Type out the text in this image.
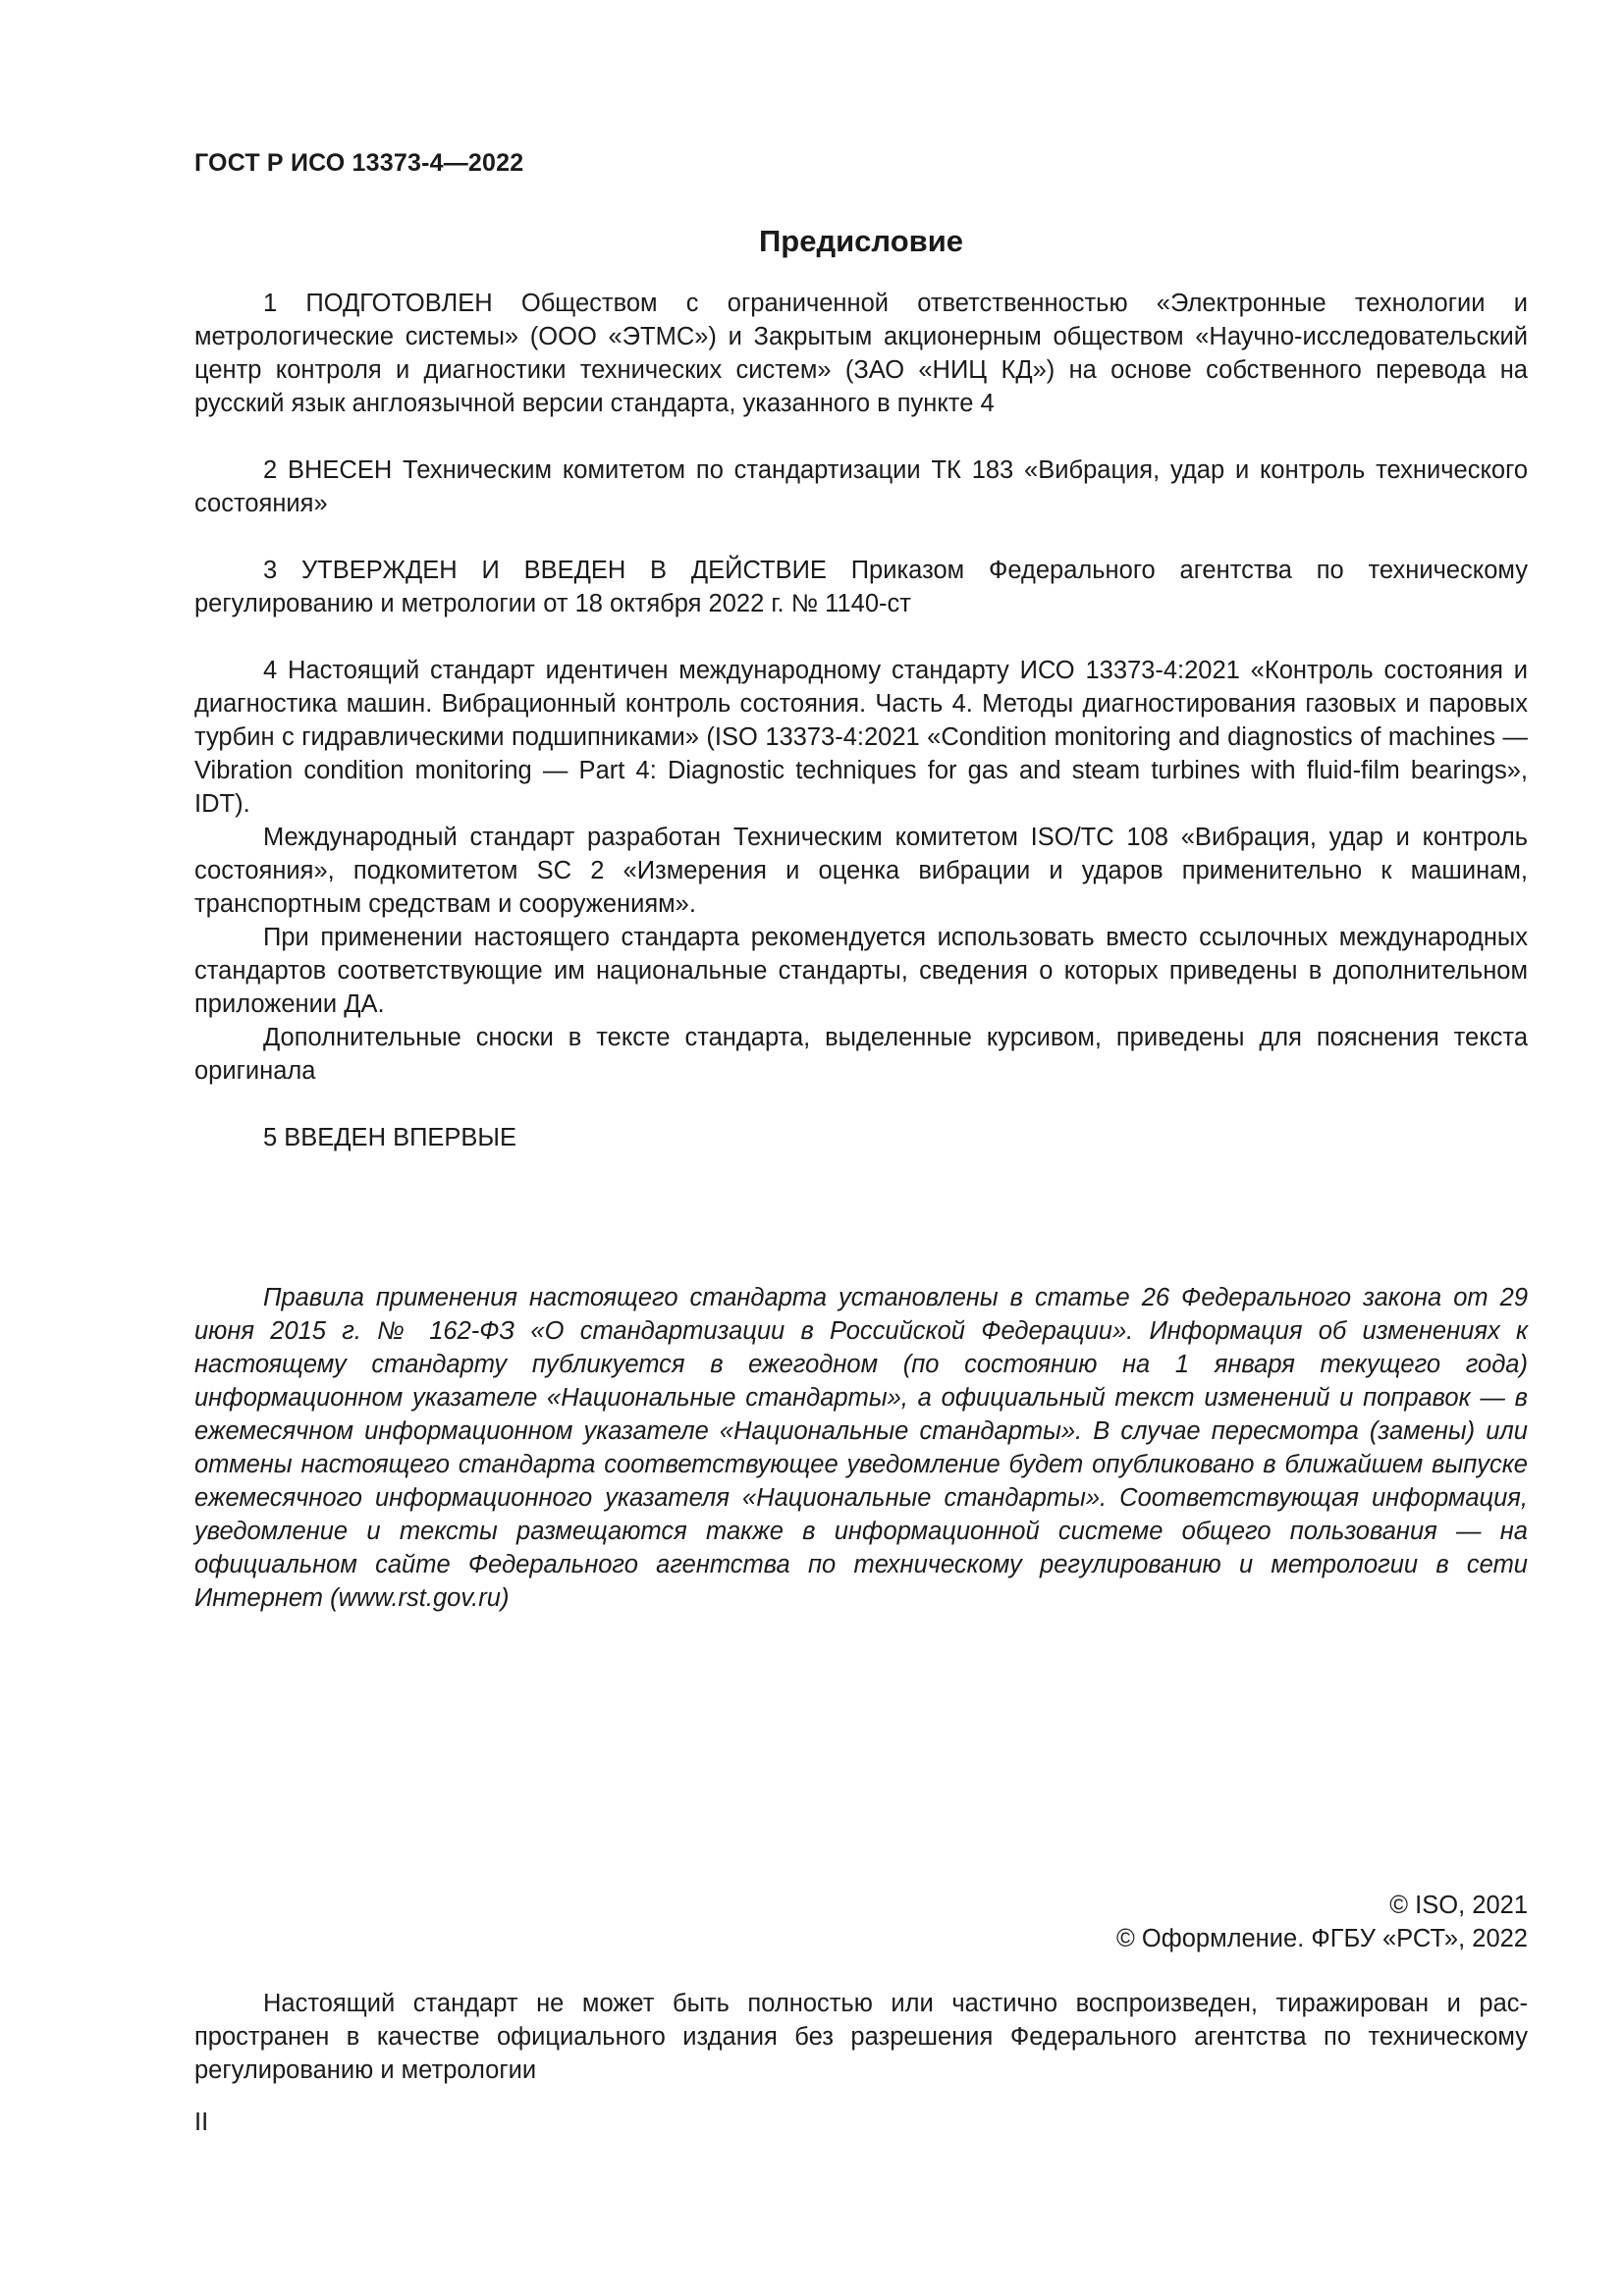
ГОСТ Р ИСО 13373-4—2022
Предисловие

1 ПОДГОТОВЛЕН Обществом с ограниченной ответственностью «Электронные технологии и метрологические системы» (ООО «ЭТМС») и Закрытым акционерным обществом «Научно-исследовательский центр контроля и диагностики технических систем» (ЗАО «НИЦ КД») на основе собственного перевода на русский язык англоязычной версии стандарта, указанного в пункте 4

2 ВНЕСЕН Техническим комитетом по стандартизации ТК 183 «Вибрация, удар и контроль технического состояния»

3 УТВЕРЖДЕН И ВВЕДЕН В ДЕЙСТВИЕ Приказом Федерального агентства по техническому регулированию и метрологии от 18 октября 2022 г. № 1140-ст

4 Настоящий стандарт идентичен международному стандарту ИСО 13373-4:2021 «Контроль состояния и диагностика машин. Вибрационный контроль состояния. Часть 4. Методы диагностирования газовых и паровых турбин с гидравлическими подшипниками» (ISO 13373-4:2021 «Condition monitoring and diagnostics of machines — Vibration condition monitoring — Part 4: Diagnostic techniques for gas and steam turbines with fluid-film bearings», IDT).

Международный стандарт разработан Техническим комитетом ISO/TC 108 «Вибрация, удар и контроль состояния», подкомитетом SC 2 «Измерения и оценка вибрации и ударов применительно к машинам, транспортным средствам и сооружениям».

При применении настоящего стандарта рекомендуется использовать вместо ссылочных международных стандартов соответствующие им национальные стандарты, сведения о которых приведены в дополнительном приложении ДА.

Дополнительные сноски в тексте стандарта, выделенные курсивом, приведены для пояснения текста оригинала

5 ВВЕДЕН ВПЕРВЫЕ

Правила применения настоящего стандарта установлены в статье 26 Федерального закона от 29 июня 2015 г. № 162-ФЗ «О стандартизации в Российской Федерации». Информация об изменениях к настоящему стандарту публикуется в ежегодном (по состоянию на 1 января текущего года) информационном указателе «Национальные стандарты», а официальный текст изменений и поправок — в ежемесячном информационном указателе «Национальные стандарты». В случае пересмотра (замены) или отмены настоящего стандарта соответствующее уведомление будет опубликовано в ближайшем выпуске ежемесячного информационного указателя «Национальные стандарты». Соответствующая информация, уведомление и тексты размещаются также в информационной системе общего пользования — на официальном сайте Федерального агентства по техническому регулированию и метрологии в сети Интернет (www.rst.gov.ru)

© ISO, 2021
© Оформление. ФГБУ «РСТ», 2022

Настоящий стандарт не может быть полностью или частично воспроизведен, тиражирован и распространен в качестве официального издания без разрешения Федерального агентства по техническому регулированию и метрологии

II
